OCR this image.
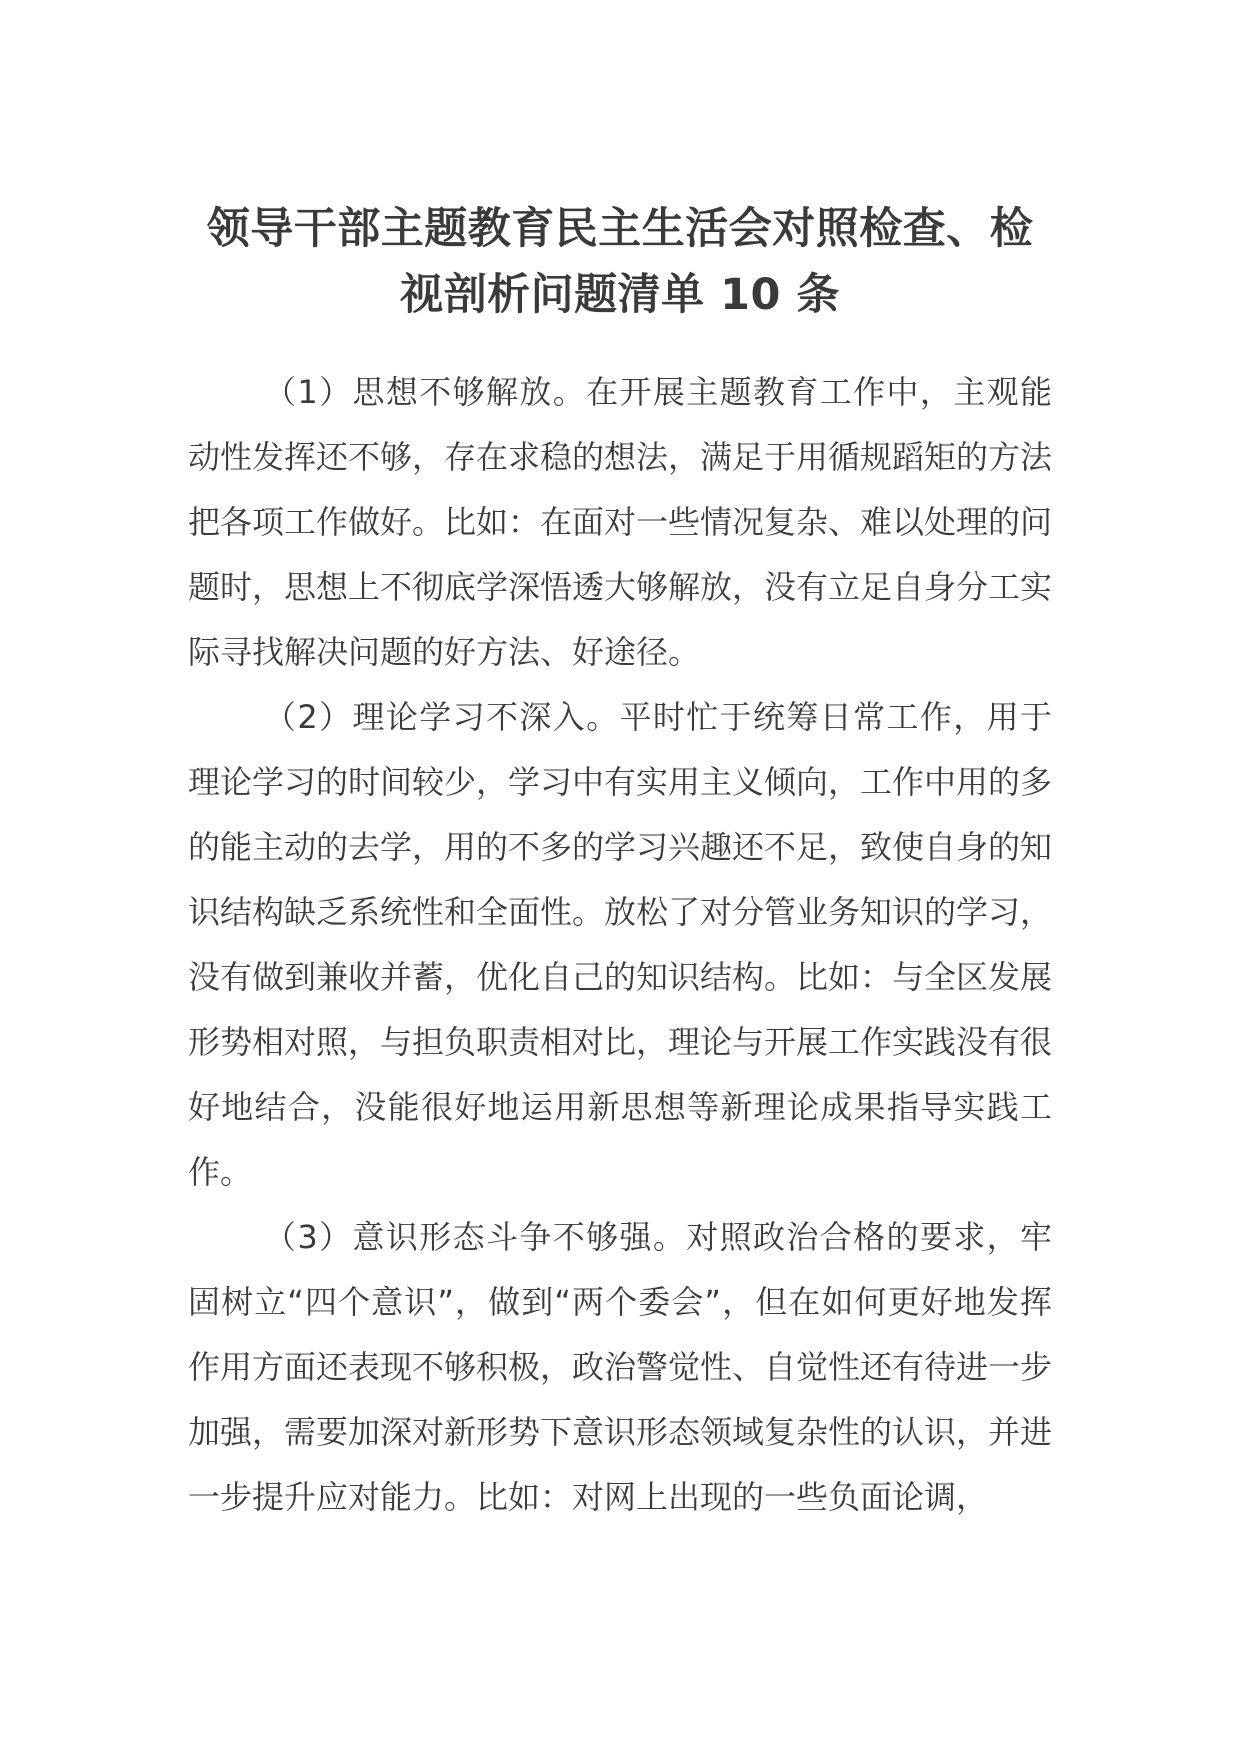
领导干部主题教育民主生活会对照检查、检视剖析问题清单 10 条

（1）思想不够解放。在开展主题教育工作中，主观能动性发挥还不够，存在求稳的想法，满足于用循规蹈矩的方法把各项工作做好。比如：在面对一些情况复杂、难以处理的问题时，思想上不彻底学深悟透大够解放，没有立足自身分工实际寻找解决问题的好方法、好途径。

（2）理论学习不深入。平时忙于统筹日常工作，用于理论学习的时间较少，学习中有实用主义倾向，工作中用的多的能主动的去学，用的不多的学习兴趣还不足，致使自身的知识结构缺乏系统性和全面性。放松了对分管业务知识的学习，没有做到兼收并蓄，优化自己的知识结构。比如：与全区发展形势相对照，与担负职责相对比，理论与开展工作实践没有很好地结合，没能很好地运用新思想等新理论成果指导实践工作。

（3）意识形态斗争不够强。对照政治合格的要求，牢固树立“四个意识”，做到“两个委会”，但在如何更好地发挥作用方面还表现不够积极，政治警觉性、自觉性还有待进一步加强，需要加深对新形势下意识形态领域复杂性的认识，并进一步提升应对能力。比如：对网上出现的一些负面论调，
